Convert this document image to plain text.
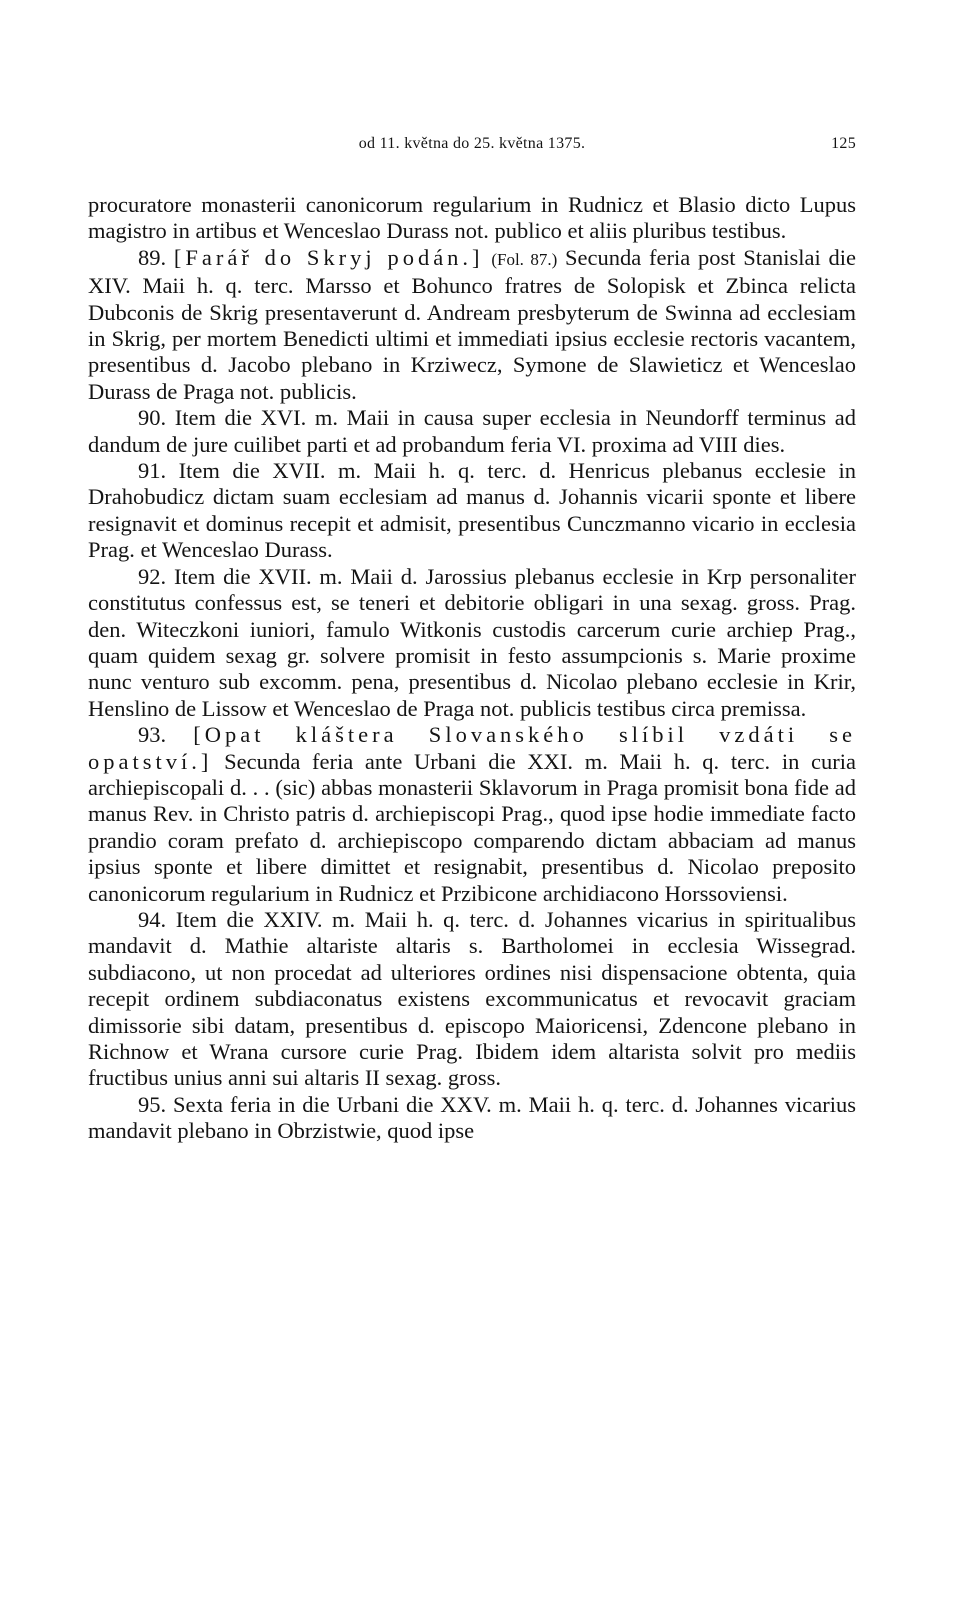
od 11. května do 25. května 1375.	125

procuratore monasterii canonicorum regularium in Rudnicz et Blasio dicto Lupus magistro in artibus et Wenceslao Durass not. publico et aliis pluribus testibus.

89. [Farář do Skryj podán.] (Fol. 87.) Secunda feria post Stanislai die XIV. Maii h. q. terc. Marsso et Bohunco fratres de Solopisk et Zbinca relicta Dubconis de Skrig presentaverunt d. Andream presbyterum de Swinna ad ecclesiam in Skrig, per mortem Benedicti ultimi et immediati ipsius ecclesie rectoris vacantem, presentibus d. Jacobo plebano in Krziwecz, Symone de Slawieticz et Wenceslao Durass de Praga not. publicis.

90. Item die XVI. m. Maii in causa super ecclesia in Neundorff terminus ad dandum de jure cuilibet parti et ad probandum feria VI. proxima ad VIII dies.

91. Item die XVII. m. Maii h. q. terc. d. Henricus plebanus ecclesie in Drahobudicz dictam suam ecclesiam ad manus d. Johannis vicarii sponte et libere resignavit et dominus recepit et admisit, presentibus Cunczmanno vicario in ecclesia Prag. et Wenceslao Durass.

92. Item die XVII. m. Maii d. Jarossius plebanus ecclesie in Krp personaliter constitutus confessus est, se teneri et debitorie obligari in una sexag. gross. Prag. den. Witeczkoni iuniori, famulo Witkonis custodis carcerum curie archiep Prag., quam quidem sexag gr. solvere promisit in festo assumpcionis s. Marie proxime nunc venturo sub excomm. pena, presentibus d. Nicolao plebano ecclesie in Krir, Henslino de Lissow et Wenceslao de Praga not. publicis testibus circa premissa.

93. [Opat kláštera Slovanského slíbil vzdáti se opatství.] Secunda feria ante Urbani die XXI. m. Maii h. q. terc. in curia archiepiscopali d. . . (sic) abbas monasterii Sklavorum in Praga promisit bona fide ad manus Rev. in Christo patris d. archiepiscopi Prag., quod ipse hodie immediate facto prandio coram prefato d. archiepiscopo comparendo dictam abbaciam ad manus ipsius sponte et libere dimittet et resignabit, presentibus d. Nicolao preposito canonicorum regularium in Rudnicz et Przibicone archidiacono Horssoviensi.

94. Item die XXIV. m. Maii h. q. terc. d. Johannes vicarius in spiritualibus mandavit d. Mathie altariste altaris s. Bartholomei in ecclesia Wissegrad. subdiacono, ut non procedat ad ulteriores ordines nisi dispensacione obtenta, quia recepit ordinem subdiaconatus existens excommunicatus et revocavit graciam dimissorie sibi datam, presentibus d. episcopo Maioricensi, Zdencone plebano in Richnow et Wrana cursore curie Prag. Ibidem idem altarista solvit pro mediis fructibus unius anni sui altaris II sexag. gross.

95. Sexta feria in die Urbani die XXV. m. Maii h. q. terc. d. Johannes vicarius mandavit plebano in Obrzistwie, quod ipse
